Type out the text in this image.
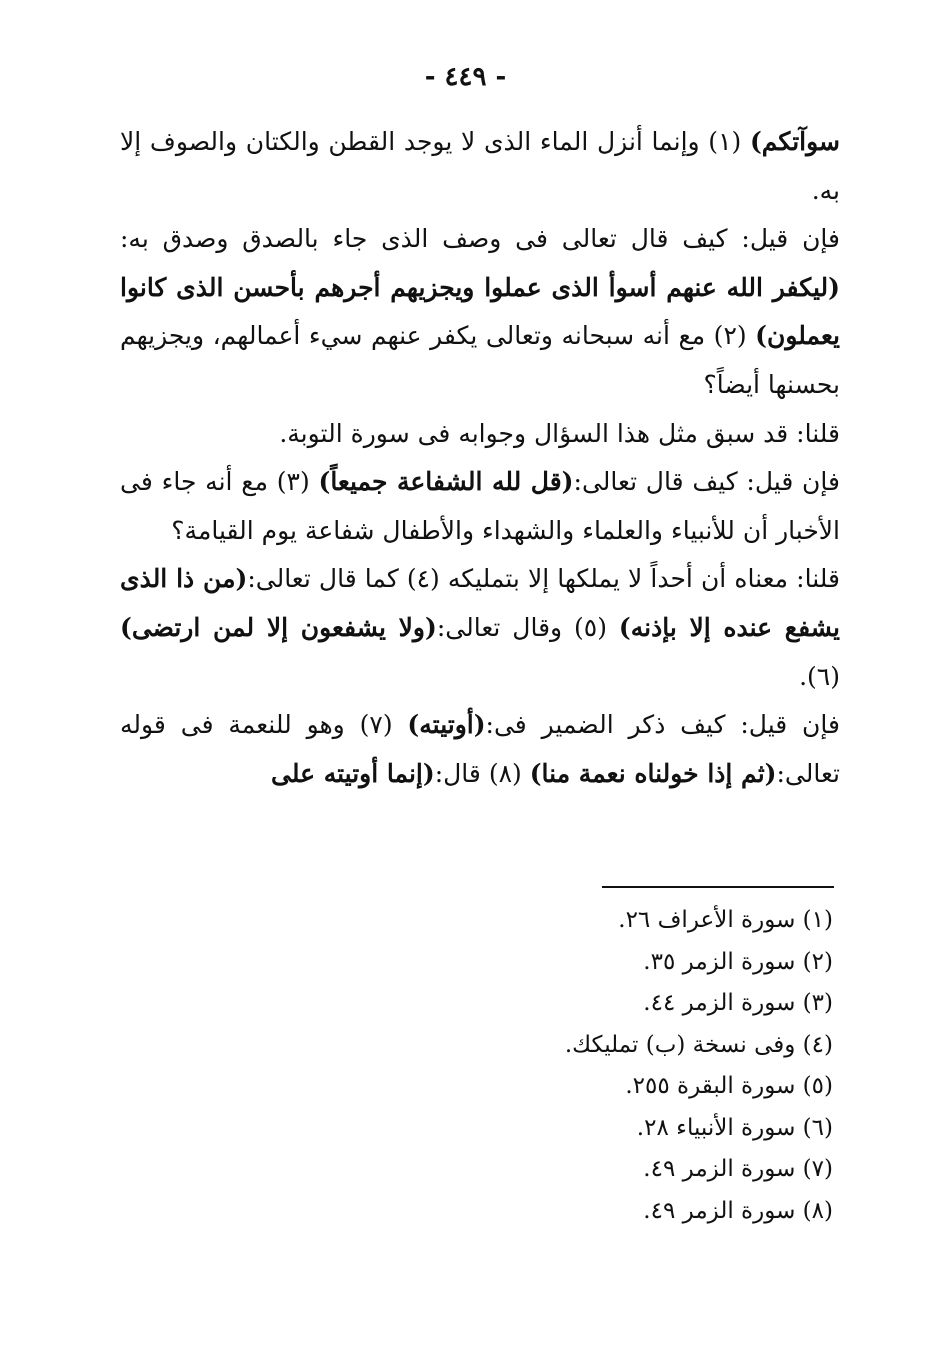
- ٤٤٩ -

سوآتكم) (١) وإنما أنزل الماء الذى لا يوجد القطن والكتان والصوف إلا به.

فإن قيل: كيف قال تعالى فى وصف الذى جاء بالصدق وصدق به:(ليكفر الله عنهم أسوأ الذى عملوا ويجزيهم أجرهم بأحسن الذى كانوا يعملون) (٢) مع أنه سبحانه وتعالى يكفر عنهم سيء أعمالهم، ويجزيهم بحسنها أيضاً؟

قلنا: قد سبق مثل هذا السؤال وجوابه فى سورة التوبة.

فإن قيل: كيف قال تعالى:(قل لله الشفاعة جميعاً) (٣) مع أنه جاء فى الأخبار أن للأنبياء والعلماء والشهداء والأطفال شفاعة يوم القيامة؟

قلنا: معناه أن أحداً لا يملكها إلا بتمليكه (٤) كما قال تعالى:(من ذا الذى يشفع عنده إلا بإذنه) (٥) وقال تعالى:(ولا يشفعون إلا لمن ارتضى) (٦).

فإن قيل: كيف ذكر الضمير فى:(أوتيته) (٧) وهو للنعمة فى قوله تعالى:(ثم إذا خولناه نعمة منا) (٨) قال:(إنما أوتيته على

(١) سورة الأعراف ٢٦.
(٢) سورة الزمر ٣٥.
(٣) سورة الزمر ٤٤.
(٤) وفى نسخة (ب) تمليكك.
(٥) سورة البقرة ٢٥٥.
(٦) سورة الأنبياء ٢٨.
(٧) سورة الزمر ٤٩.
(٨) سورة الزمر ٤٩.
